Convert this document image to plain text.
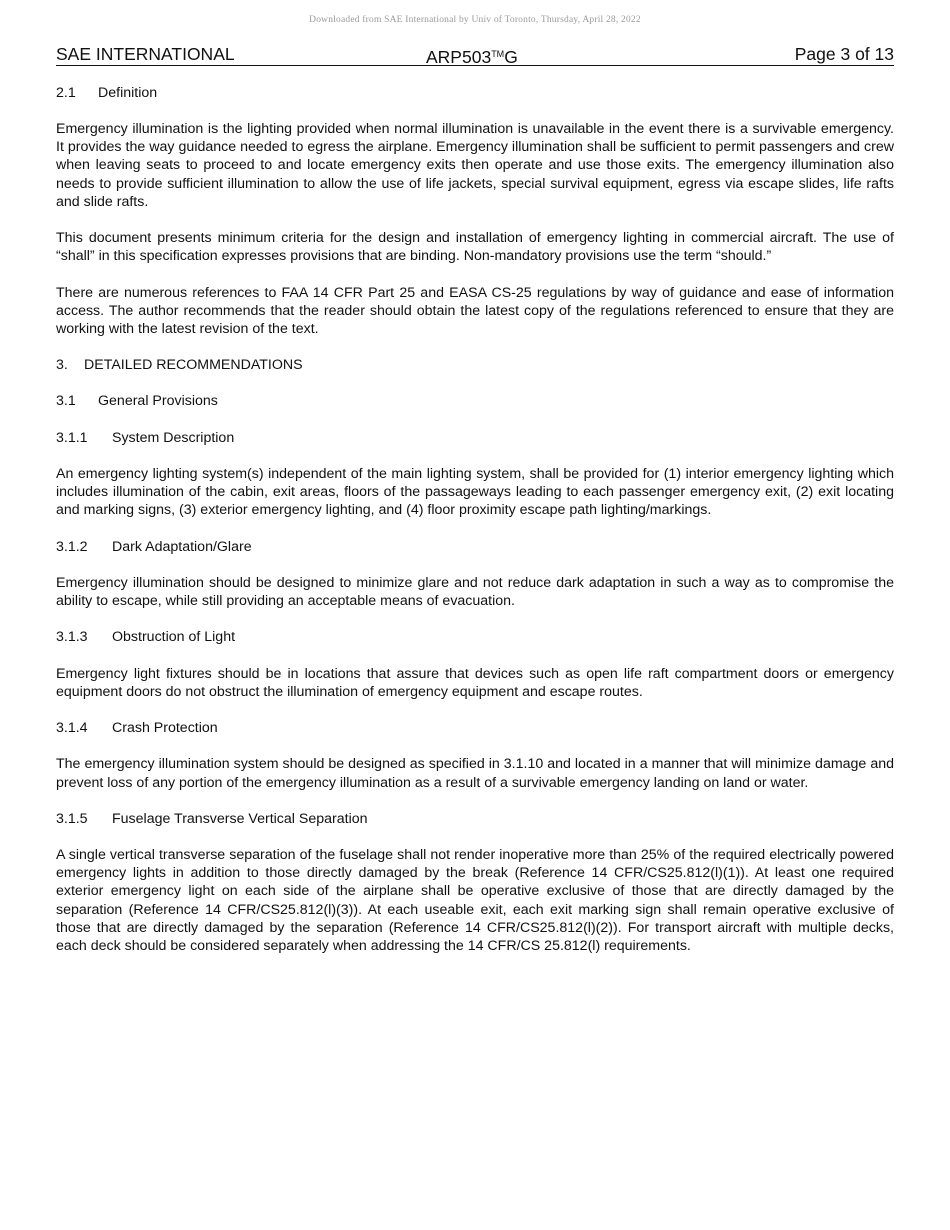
Downloaded from SAE International by Univ of Toronto, Thursday, April 28, 2022
SAE INTERNATIONAL	ARP503™G	Page 3 of 13

2.1 Definition

Emergency illumination is the lighting provided when normal illumination is unavailable in the event there is a survivable emergency. It provides the way guidance needed to egress the airplane. Emergency illumination shall be sufficient to permit passengers and crew when leaving seats to proceed to and locate emergency exits then operate and use those exits. The emergency illumination also needs to provide sufficient illumination to allow the use of life jackets, special survival equipment, egress via escape slides, life rafts and slide rafts.

This document presents minimum criteria for the design and installation of emergency lighting in commercial aircraft. The use of “shall” in this specification expresses provisions that are binding. Non-mandatory provisions use the term “should.”

There are numerous references to FAA 14 CFR Part 25 and EASA CS-25 regulations by way of guidance and ease of information access. The author recommends that the reader should obtain the latest copy of the regulations referenced to ensure that they are working with the latest revision of the text.

3. DETAILED RECOMMENDATIONS

3.1 General Provisions

3.1.1 System Description

An emergency lighting system(s) independent of the main lighting system, shall be provided for (1) interior emergency lighting which includes illumination of the cabin, exit areas, floors of the passageways leading to each passenger emergency exit, (2) exit locating and marking signs, (3) exterior emergency lighting, and (4) floor proximity escape path lighting/markings.

3.1.2 Dark Adaptation/Glare

Emergency illumination should be designed to minimize glare and not reduce dark adaptation in such a way as to compromise the ability to escape, while still providing an acceptable means of evacuation.

3.1.3 Obstruction of Light

Emergency light fixtures should be in locations that assure that devices such as open life raft compartment doors or emergency equipment doors do not obstruct the illumination of emergency equipment and escape routes.

3.1.4 Crash Protection

The emergency illumination system should be designed as specified in 3.1.10 and located in a manner that will minimize damage and prevent loss of any portion of the emergency illumination as a result of a survivable emergency landing on land or water.

3.1.5 Fuselage Transverse Vertical Separation

A single vertical transverse separation of the fuselage shall not render inoperative more than 25% of the required electrically powered emergency lights in addition to those directly damaged by the break (Reference 14 CFR/CS25.812(l)(1)). At least one required exterior emergency light on each side of the airplane shall be operative exclusive of those that are directly damaged by the separation (Reference 14 CFR/CS25.812(l)(3)). At each useable exit, each exit marking sign shall remain operative exclusive of those that are directly damaged by the separation (Reference 14 CFR/CS25.812(l)(2)). For transport aircraft with multiple decks, each deck should be considered separately when addressing the 14 CFR/CS 25.812(l) requirements.
